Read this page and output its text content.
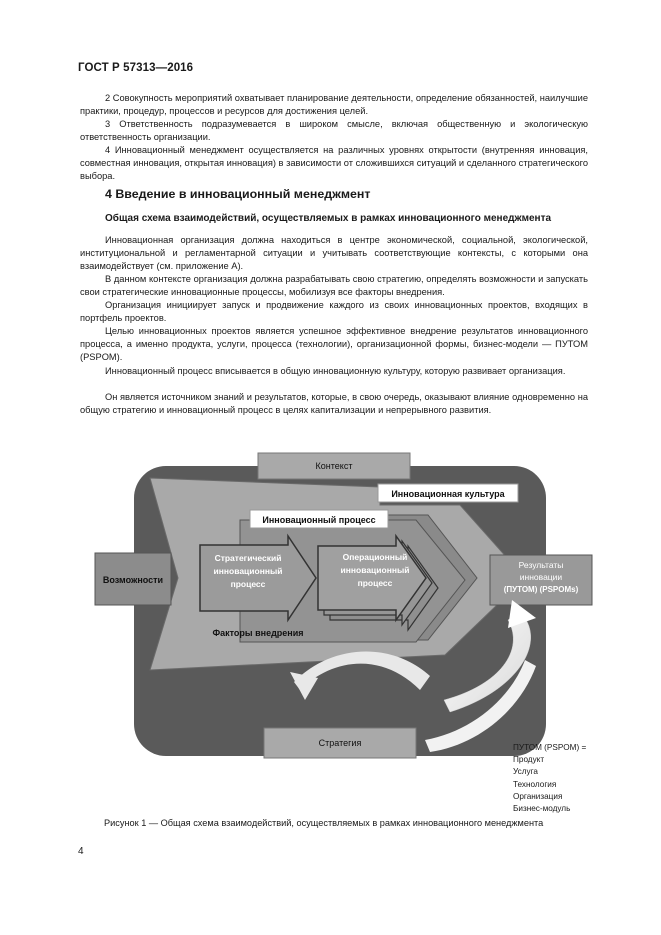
ГОСТ Р 57313—2016

2 Совокупность мероприятий охватывает планирование деятельности, определение обязанностей, наилучшие практики, процедур, процессов и ресурсов для достижения целей.

3 Ответственность подразумевается в широком смысле, включая общественную и экологическую ответственность организации.

4 Инновационный менеджмент осуществляется на различных уровнях открытости (внутренняя инновация, совместная инновация, открытая инновация) в зависимости от сложившихся ситуаций и сделанного стратегического выбора.

4 Введение в инновационный менеджмент
Общая схема взаимодействий, осуществляемых в рамках инновационного менеджмента

Инновационная организация должна находиться в центре экономической, социальной, экологической, институциональной и регламентарной ситуации и учитывать соответствующие контексты, с которыми она взаимодействует (см. приложение А).

В данном контексте организация должна разрабатывать свою стратегию, определять возможности и запускать свои стратегические инновационные процессы, мобилизуя все факторы внедрения.

Организация инициирует запуск и продвижение каждого из своих инновационных проектов, входящих в портфель проектов.

Целью инновационных проектов является успешное эффективное внедрение результатов инновационного процесса, а именно продукта, услуги, процесса (технологии), организационной формы, бизнес-модели — ПУТОМ (PSPOM).

Инновационный процесс вписывается в общую инновационную культуру, которую развивает организация.

Он является источником знаний и результатов, которые, в свою очередь, оказывают влияние одновременно на общую стратегию и инновационный процесс в целях капитализации и непрерывного развития.

Контекст
Инновационная культура
Инновационный процесс
Возможности
Стратегический
инновационный
процесс
Операционный
инновационный
процесс
Факторы внедрения
Результаты
инновации
(ПУТОМ) (PSPOMs)
Стратегия	ПУТОМ (PSPOM) =
Продукт
Услуга
Технология
Организация
Бизнес-модуль
Рисунок 1 — Общая схема взаимодействий, осуществляемых в рамках инновационного менеджмента
4
